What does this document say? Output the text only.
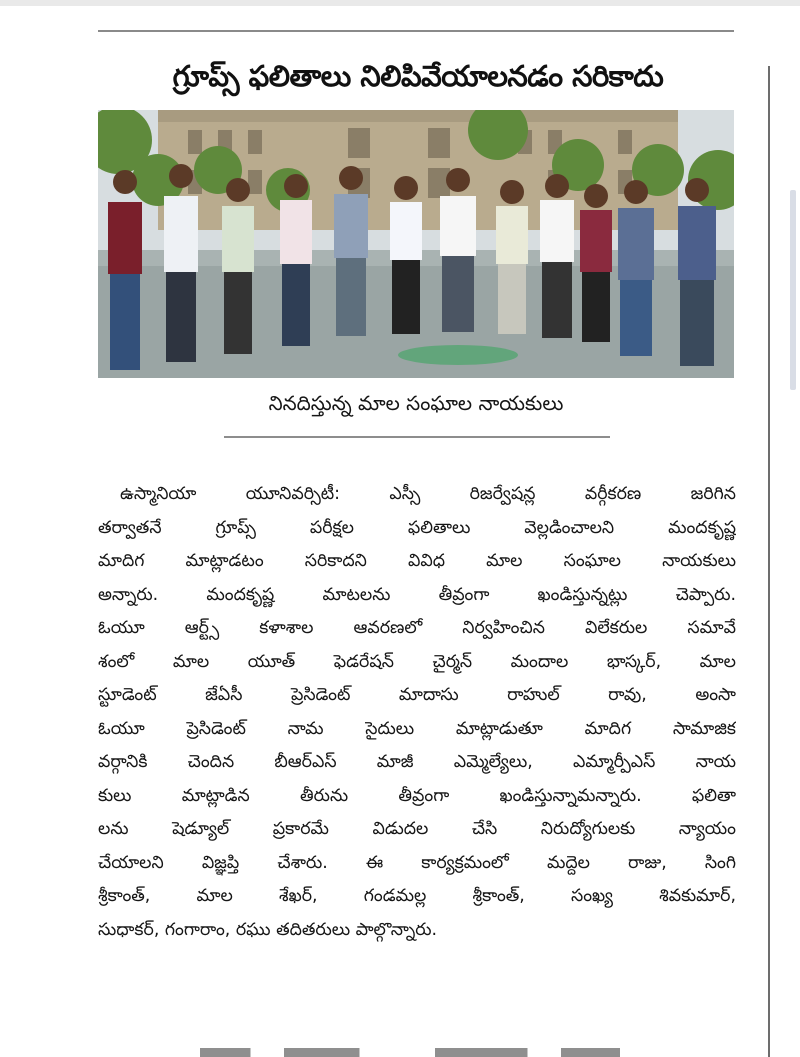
గ్రూప్స్ ఫలితాలు నిలిపివేయాలనడం సరికాదు
నినదిస్తున్న మాల సంఘాల నాయకులు
ఉస్మానియా యూనివర్సిటీ: ఎస్సీ రిజర్వేషన్ల వర్గీకరణ జరిగిన
తర్వాతనే గ్రూప్స్ పరీక్షల ఫలితాలు వెల్లడించాలని మందకృష్ణ
మాదిగ మాట్లాడటం సరికాదని వివిధ మాల సంఘాల నాయకులు
అన్నారు. మందకృష్ణ మాటలను తీవ్రంగా ఖండిస్తున్నట్లు చెప్పారు.
ఓయూ ఆర్ట్స్ కళాశాల ఆవరణలో నిర్వహించిన విలేకరుల సమావే
శంలో మాల యూత్ ఫెడరేషన్ చైర్మన్ మందాల భాస్కర్, మాల
స్టూడెంట్ జేఏసీ ప్రెసిడెంట్ మాదాసు రాహుల్ రావు, అంసా
ఓయూ ప్రెసిడెంట్ నామ సైదులు మాట్లాడుతూ మాదిగ సామాజిక
వర్గానికి చెందిన బీఆర్ఎస్ మాజీ ఎమ్మెల్యేలు, ఎమ్మార్పీఎస్ నాయ
కులు మాట్లాడిన తీరును తీవ్రంగా ఖండిస్తున్నామన్నారు. ఫలితా
లను షెడ్యూల్ ప్రకారమే విడుదల చేసి నిరుద్యోగులకు న్యాయం
చేయాలని విజ్ఞప్తి చేశారు. ఈ కార్యక్రమంలో మద్దెల రాజు, సింగి
శ్రీకాంత్, మాల శేఖర్, గండమల్ల శ్రీకాంత్, సంఖ్య శివకుమార్,
సుధాకర్, గంగారాం, రఘు తదితరులు పాల్గొన్నారు.
